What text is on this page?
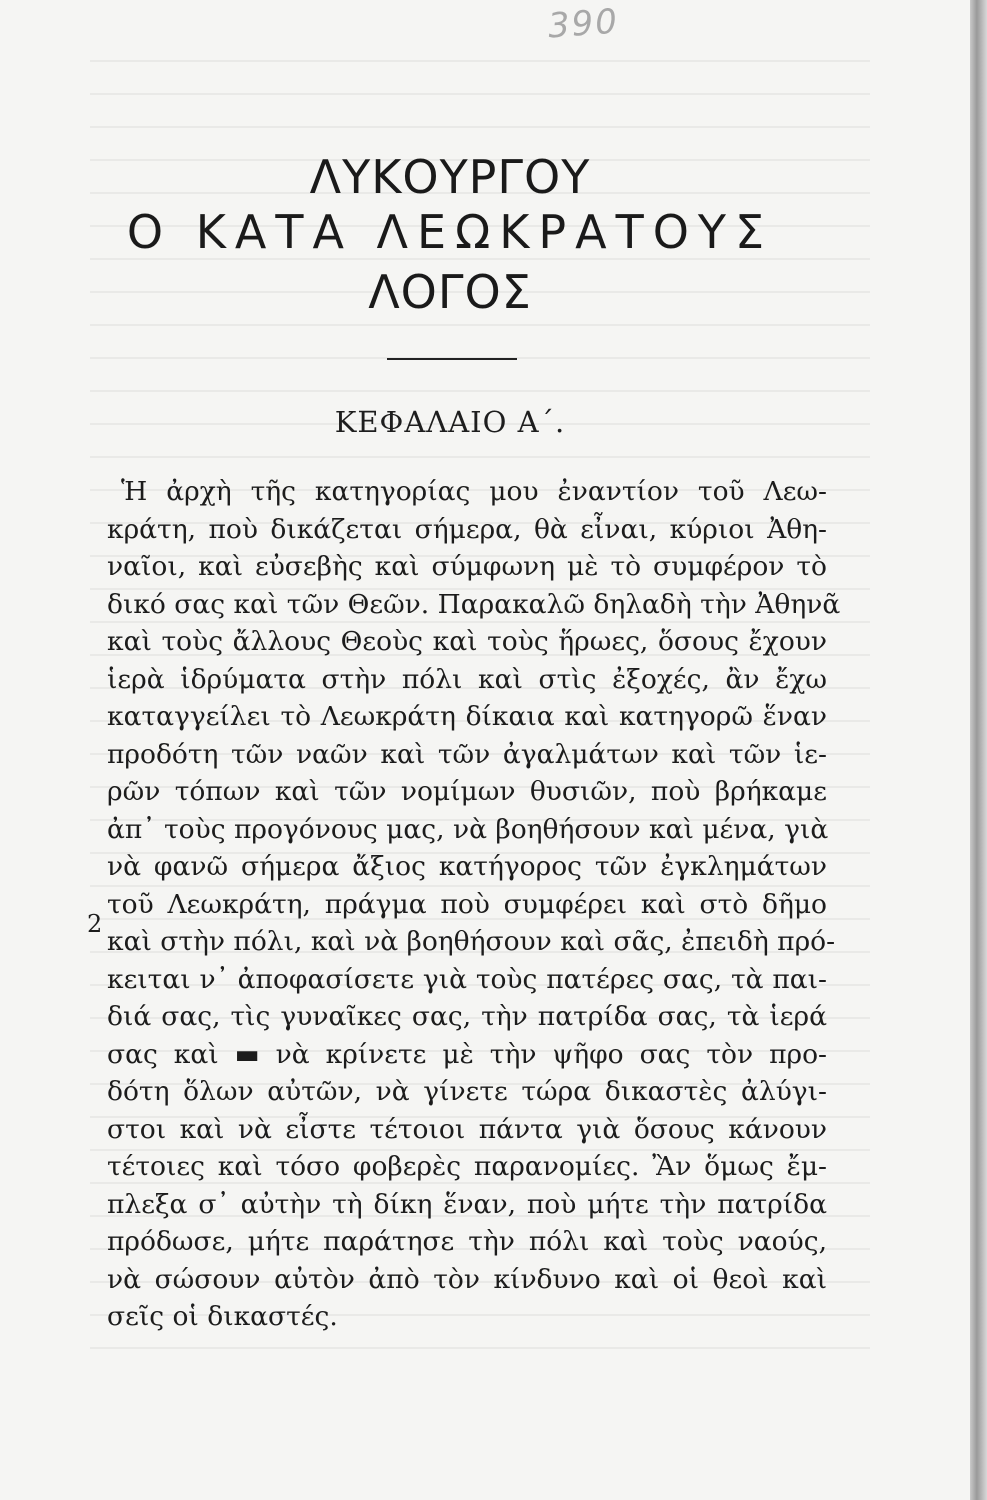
390
ΛΥΚΟΥΡΓΟΥ
Ο ΚΑΤΑ ΛΕΩΚΡΑΤΟΥΣ
ΛΟΓΟΣ
ΚΕΦΑΛΑΙΟ Α΄.
2
Ἡ ἀρχὴ τῆς κατηγορίας μου ἐναντίον τοῦ Λεω-
κράτη, ποὺ δικάζεται σήμερα, θὰ εἶναι, κύριοι Ἀθη-
ναῖοι, καὶ εὐσεβὴς καὶ σύμφωνη μὲ τὸ συμφέρον τὸ
δικό σας καὶ τῶν Θεῶν. Παρακαλῶ δηλαδὴ τὴν Ἀθηνᾶ
καὶ τοὺς ἄλλους Θεοὺς καὶ τοὺς ἥρωες, ὅσους ἔχουν
ἱερὰ ἱδρύματα στὴν πόλι καὶ στὶς ἐξοχές, ἂν ἔχω
καταγγείλει τὸ Λεωκράτη δίκαια καὶ κατηγορῶ ἕναν
προδότη τῶν ναῶν καὶ τῶν ἀγαλμάτων καὶ τῶν ἱε-
ρῶν τόπων καὶ τῶν νομίμων θυσιῶν, ποὺ βρήκαμε
ἀπ᾽ τοὺς προγόνους μας, νὰ βοηθήσουν καὶ μένα, γιὰ
νὰ φανῶ σήμερα ἄξιος κατήγορος τῶν ἐγκλημάτων
τοῦ Λεωκράτη, πράγμα ποὺ συμφέρει καὶ στὸ δῆμο
καὶ στὴν πόλι, καὶ νὰ βοηθήσουν καὶ σᾶς, ἐπειδὴ πρό-
κειται ν᾽ ἀποφασίσετε γιὰ τοὺς πατέρες σας, τὰ παι-
διά σας, τὶς γυναῖκες σας, τὴν πατρίδα σας, τὰ ἱερά
σας καὶ ▬ νὰ κρίνετε μὲ τὴν ψῆφο σας τὸν προ-
δότη ὅλων αὐτῶν, νὰ γίνετε τώρα δικαστὲς ἀλύγι-
στοι καὶ νὰ εἶστε τέτοιοι πάντα γιὰ ὅσους κάνουν
τέτοιες καὶ τόσο φοβερὲς παρανομίες. Ἂν ὅμως ἔμ-
πλεξα σ᾽ αὐτὴν τὴ δίκη ἕναν, ποὺ μήτε τὴν πατρίδα
πρόδωσε, μήτε παράτησε τὴν πόλι καὶ τοὺς ναούς,
νὰ σώσουν αὐτὸν ἀπὸ τὸν κίνδυνο καὶ οἱ θεοὶ καὶ
σεῖς οἱ δικαστές.
